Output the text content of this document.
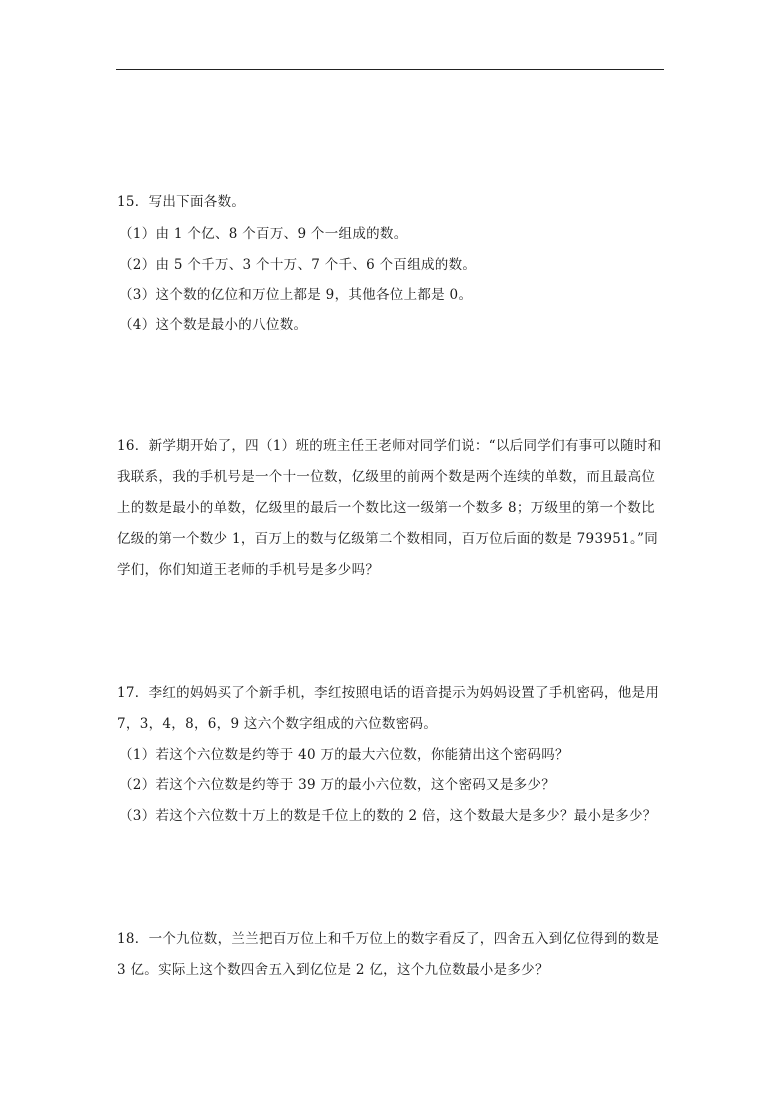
15．写出下面各数。

（1）由 1 个亿、8 个百万、9 个一组成的数。

（2）由 5 个千万、3 个十万、7 个千、6 个百组成的数。

（3）这个数的亿位和万位上都是 9，其他各位上都是 0。

（4）这个数是最小的八位数。

16．新学期开始了，四（1）班的班主任王老师对同学们说：“以后同学们有事可以随时和

我联系，我的手机号是一个十一位数，亿级里的前两个数是两个连续的单数，而且最高位

上的数是最小的单数，亿级里的最后一个数比这一级第一个数多 8；万级里的第一个数比

亿级的第一个数少 1，百万上的数与亿级第二个数相同，百万位后面的数是 793951。”同

学们，你们知道王老师的手机号是多少吗？

17．李红的妈妈买了个新手机，李红按照电话的语音提示为妈妈设置了手机密码，他是用

7，3，4，8，6，9 这六个数字组成的六位数密码。

（1）若这个六位数是约等于 40 万的最大六位数，你能猜出这个密码吗？

（2）若这个六位数是约等于 39 万的最小六位数，这个密码又是多少？

（3）若这个六位数十万上的数是千位上的数的 2 倍，这个数最大是多少？最小是多少？

18．一个九位数，兰兰把百万位上和千万位上的数字看反了，四舍五入到亿位得到的数是

3 亿。实际上这个数四舍五入到亿位是 2 亿，这个九位数最小是多少？
